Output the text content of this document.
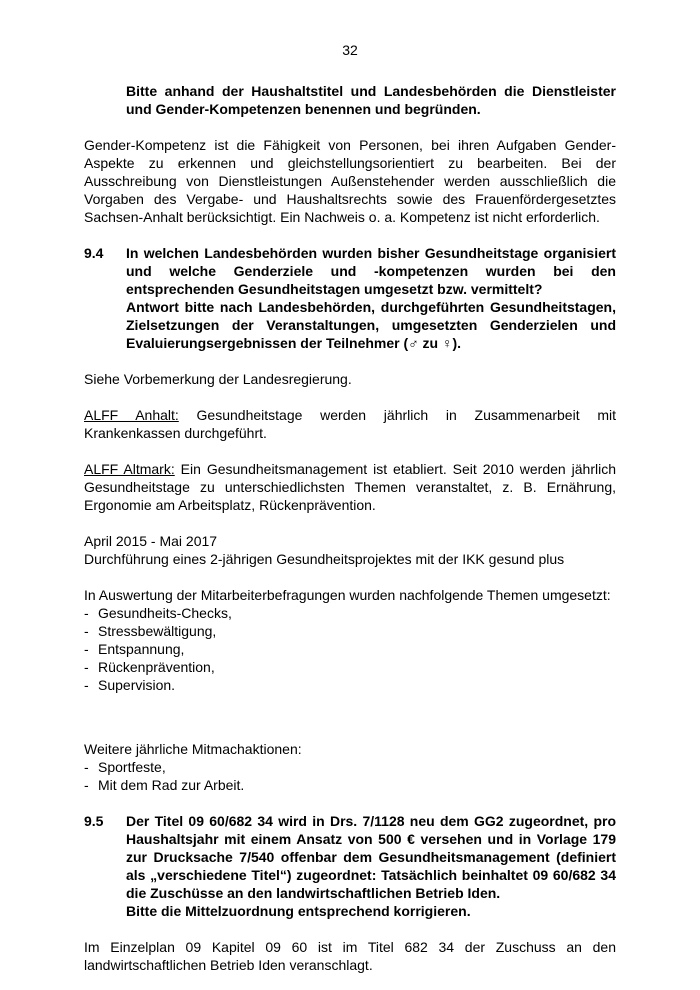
32

Bitte anhand der Haushaltstitel und Landesbehörden die Dienstleister und Gender-Kompetenzen benennen und begründen.

Gender-Kompetenz ist die Fähigkeit von Personen, bei ihren Aufgaben Gender-Aspekte zu erkennen und gleichstellungsorientiert zu bearbeiten. Bei der Ausschreibung von Dienstleistungen Außenstehender werden ausschließlich die Vorgaben des Vergabe- und Haushaltsrechts sowie des Frauenfördergesetztes Sachsen-Anhalt berücksichtigt. Ein Nachweis o. a. Kompetenz ist nicht erforderlich.

9.4	In welchen Landesbehörden wurden bisher Gesundheitstage organisiert und welche Genderziele und -kompetenzen wurden bei den entsprechenden Gesundheitstagen umgesetzt bzw. vermittelt?

Antwort bitte nach Landesbehörden, durchgeführten Gesundheitstagen, Zielsetzungen der Veranstaltungen, umgesetzten Genderzielen und Evaluierungsergebnissen der Teilnehmer (♂ zu ♀).

Siehe Vorbemerkung der Landesregierung.

ALFF Anhalt: Gesundheitstage werden jährlich in Zusammenarbeit mit Krankenkassen durchgeführt.

ALFF Altmark: Ein Gesundheitsmanagement ist etabliert. Seit 2010 werden jährlich Gesundheitstage zu unterschiedlichsten Themen veranstaltet, z. B. Ernährung, Ergonomie am Arbeitsplatz, Rückenprävention.

April 2015 - Mai 2017

Durchführung eines 2-jährigen Gesundheitsprojektes mit der IKK gesund plus

In Auswertung der Mitarbeiterbefragungen wurden nachfolgende Themen umgesetzt:

- Gesundheits-Checks,
- Stressbewältigung,
- Entspannung,
- Rückenprävention,
- Supervision.

Weitere jährliche Mitmachaktionen:

- Sportfeste,
- Mit dem Rad zur Arbeit.
9.5	Der Titel 09 60/682 34 wird in Drs. 7/1128 neu dem GG2 zugeordnet, pro Haushaltsjahr mit einem Ansatz von 500 € versehen und in Vorlage 179 zur Drucksache 7/540 offenbar dem Gesundheitsmanagement (definiert als „verschiedene Titel“) zugeordnet: Tatsächlich beinhaltet 09 60/682 34 die Zuschüsse an den landwirtschaftlichen Betrieb Iden.

Bitte die Mittelzuordnung entsprechend korrigieren.

Im Einzelplan 09 Kapitel 09 60 ist im Titel 682 34 der Zuschuss an den landwirtschaftlichen Betrieb Iden veranschlagt.
